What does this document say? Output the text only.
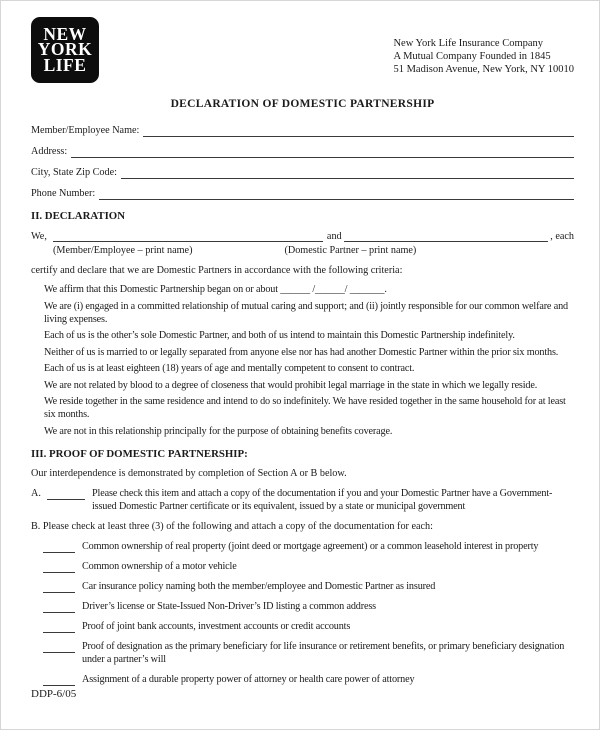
NEW
YORK
LIFE
New York Life Insurance Company
A Mutual Company Founded in 1845
51 Madison Avenue, New York, NY 10010
DECLARATION OF DOMESTIC PARTNERSHIP
Member/Employee Name:
Address:
City, State Zip Code:
Phone Number:
II. DECLARATION
We,	and	, each
(Member/Employee – print name)	(Domestic Partner – print name)
certify and declare that we are Domestic Partners in accordance with the following criteria:

We affirm that this Domestic Partnership began on or about ______ /______/ _______.

We are (i) engaged in a committed relationship of mutual caring and support; and (ii) jointly responsible for our common welfare and living expenses.

Each of us is the other’s sole Domestic Partner, and both of us intend to maintain this Domestic Partnership indefinitely.

Neither of us is married to or legally separated from anyone else nor has had another Domestic Partner within the prior six months.

Each of us is at least eighteen (18) years of age and mentally competent to consent to contract.

We are not related by blood to a degree of closeness that would prohibit legal marriage in the state in which we legally reside.

We reside together in the same residence and intend to do so indefinitely. We have resided together in the same household for at least six months.

We are not in this relationship principally for the purpose of obtaining benefits coverage.

III. PROOF OF DOMESTIC PARTNERSHIP:
Our interdependence is demonstrated by completion of Section A or B below.
A.	Please check this item and attach a copy of the documentation if you and your Domestic Partner have a Government-issued Domestic Partner certificate or its equivalent, issued by a state or municipal government

B. Please check at least three (3) of the following and attach a copy of the documentation for each:

Common ownership of real property (joint deed or mortgage agreement) or a common leasehold interest in property
Common ownership of a motor vehicle
Car insurance policy naming both the member/employee and Domestic Partner as insured
Driver’s license or State-Issued Non-Driver’s ID listing a common address
Proof of joint bank accounts, investment accounts or credit accounts
Proof of designation as the primary beneficiary for life insurance or retirement benefits, or primary beneficiary designation under a partner’s will
Assignment of a durable property power of attorney or health care power of attorney
DDP-6/05
